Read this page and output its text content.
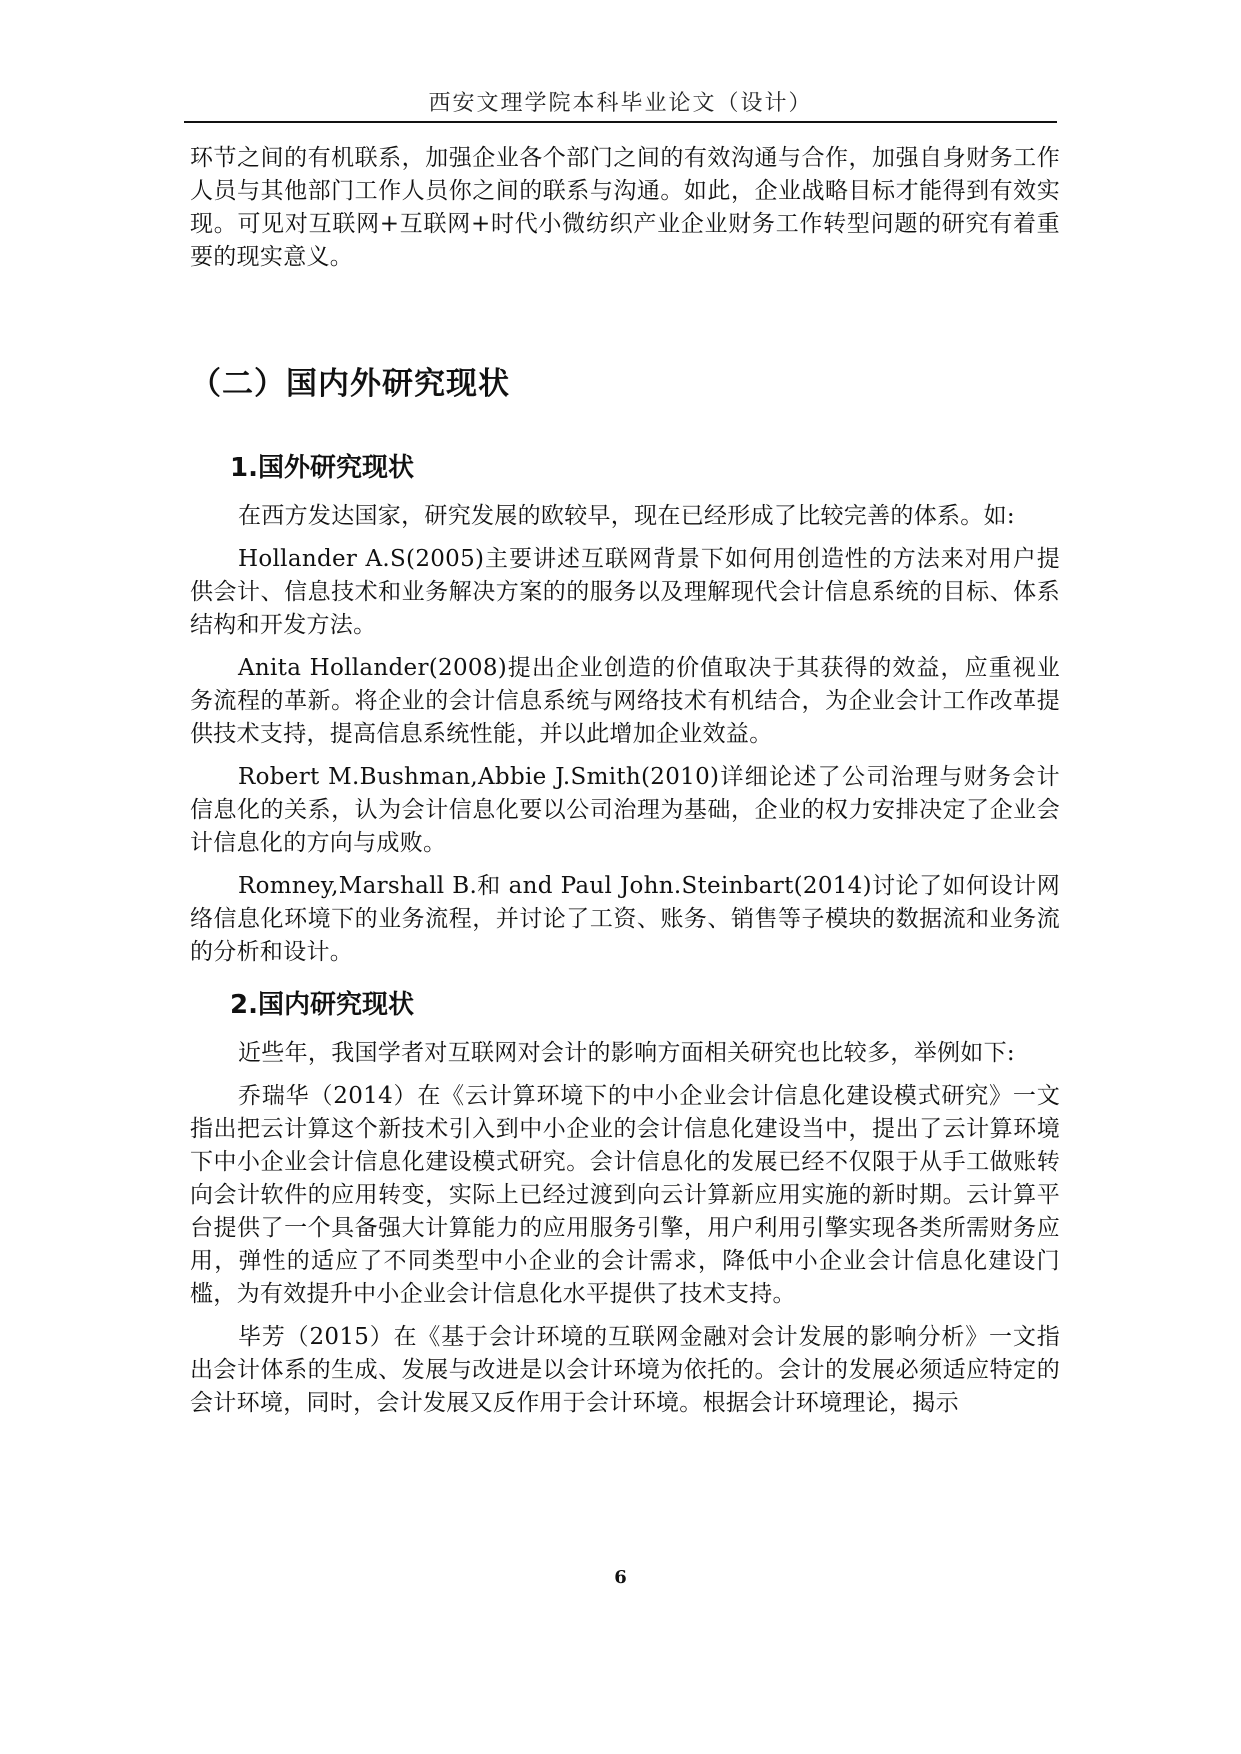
西安文理学院本科毕业论文（设计）

环节之间的有机联系，加强企业各个部门之间的有效沟通与合作，加强自身财务工作人员与其他部门工作人员你之间的联系与沟通。如此，企业战略目标才能得到有效实现。可见对互联网+互联网+时代小微纺织产业企业财务工作转型问题的研究有着重要的现实意义。

（二）国内外研究现状
1.国外研究现状

在西方发达国家，研究发展的欧较早，现在已经形成了比较完善的体系。如:

Hollander A.S(2005)主要讲述互联网背景下如何用创造性的方法来对用户提供会计、信息技术和业务解决方案的的服务以及理解现代会计信息系统的目标、体系结构和开发方法。

Anita Hollander(2008)提出企业创造的价值取决于其获得的效益，应重视业务流程的革新。将企业的会计信息系统与网络技术有机结合，为企业会计工作改革提供技术支持，提高信息系统性能，并以此增加企业效益。

Robert M.Bushman,Abbie J.Smith(2010)详细论述了公司治理与财务会计信息化的关系，认为会计信息化要以公司治理为基础，企业的权力安排决定了企业会计信息化的方向与成败。

Romney,Marshall B.和 and Paul John.Steinbart(2014)讨论了如何设计网络信息化环境下的业务流程，并讨论了工资、账务、销售等子模块的数据流和业务流的分析和设计。

2.国内研究现状

近些年，我国学者对互联网对会计的影响方面相关研究也比较多，举例如下:

乔瑞华（2014）在《云计算环境下的中小企业会计信息化建设模式研究》一文指出把云计算这个新技术引入到中小企业的会计信息化建设当中，提出了云计算环境下中小企业会计信息化建设模式研究。会计信息化的发展已经不仅限于从手工做账转向会计软件的应用转变，实际上已经过渡到向云计算新应用实施的新时期。云计算平台提供了一个具备强大计算能力的应用服务引擎，用户利用引擎实现各类所需财务应用，弹性的适应了不同类型中小企业的会计需求，降低中小企业会计信息化建设门槛，为有效提升中小企业会计信息化水平提供了技术支持。

毕芳（2015）在《基于会计环境的互联网金融对会计发展的影响分析》一文指出会计体系的生成、发展与改进是以会计环境为依托的。会计的发展必须适应特定的会计环境，同时，会计发展又反作用于会计环境。根据会计环境理论，揭示

6
